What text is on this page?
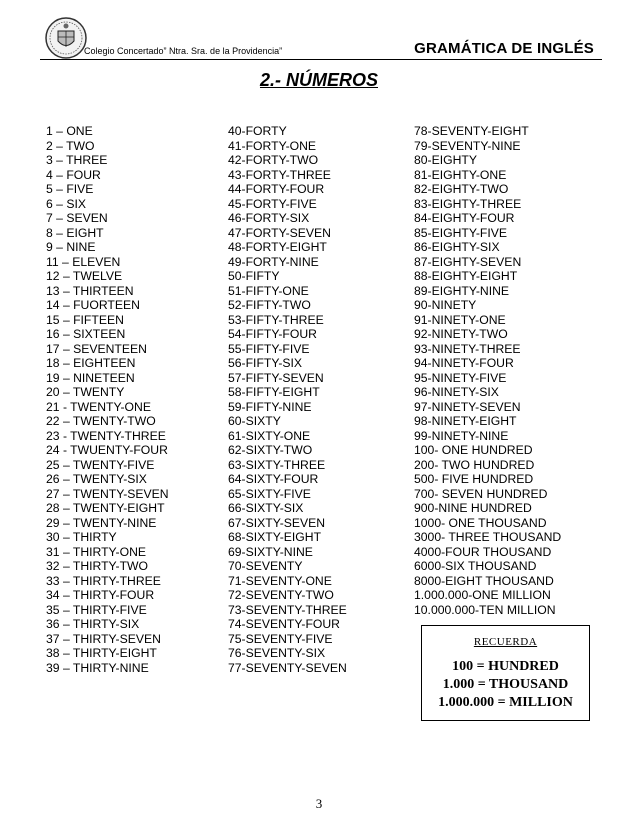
Colegio Concertado” Ntra. Sra. de la Providencia”	GRAMÁTICA DE INGLÉS
2.- NÚMEROS
1 – ONE
2 – TWO
3 – THREE
4 – FOUR
5 – FIVE
6 – SIX
7 – SEVEN
8 – EIGHT
9 – NINE
11 – ELEVEN
12 – TWELVE
13 – THIRTEEN
14 – FUORTEEN
15 – FIFTEEN
16 – SIXTEEN
17 – SEVENTEEN
18 – EIGHTEEN
19 – NINETEEN
20 – TWENTY
21 - TWENTY-ONE
22 – TWENTY-TWO
23 - TWENTY-THREE
24 - TWUENTY-FOUR
25 – TWENTY-FIVE
26 – TWENTY-SIX
27 – TWENTY-SEVEN
28 – TWENTY-EIGHT
29 – TWENTY-NINE
30 – THIRTY
31 – THIRTY-ONE
32 – THIRTY-TWO
33 – THIRTY-THREE
34 – THIRTY-FOUR
35 – THIRTY-FIVE
36 – THIRTY-SIX
37 – THIRTY-SEVEN
38 – THIRTY-EIGHT
39 – THIRTY-NINE
40-FORTY
41-FORTY-ONE
42-FORTY-TWO
43-FORTY-THREE
44-FORTY-FOUR
45-FORTY-FIVE
46-FORTY-SIX
47-FORTY-SEVEN
48-FORTY-EIGHT
49-FORTY-NINE
50-FIFTY
51-FIFTY-ONE
52-FIFTY-TWO
53-FIFTY-THREE
54-FIFTY-FOUR
55-FIFTY-FIVE
56-FIFTY-SIX
57-FIFTY-SEVEN
58-FIFTY-EIGHT
59-FIFTY-NINE
60-SIXTY
61-SIXTY-ONE
62-SIXTY-TWO
63-SIXTY-THREE
64-SIXTY-FOUR
65-SIXTY-FIVE
66-SIXTY-SIX
67-SIXTY-SEVEN
68-SIXTY-EIGHT
69-SIXTY-NINE
70-SEVENTY
71-SEVENTY-ONE
72-SEVENTY-TWO
73-SEVENTY-THREE
74-SEVENTY-FOUR
75-SEVENTY-FIVE
76-SEVENTY-SIX
77-SEVENTY-SEVEN
78-SEVENTY-EIGHT
79-SEVENTY-NINE
80-EIGHTY
81-EIGHTY-ONE
82-EIGHTY-TWO
83-EIGHTY-THREE
84-EIGHTY-FOUR
85-EIGHTY-FIVE
86-EIGHTY-SIX
87-EIGHTY-SEVEN
88-EIGHTY-EIGHT
89-EIGHTY-NINE
90-NINETY
91-NINETY-ONE
92-NINETY-TWO
93-NINETY-THREE
94-NINETY-FOUR
95-NINETY-FIVE
96-NINETY-SIX
97-NINETY-SEVEN
98-NINETY-EIGHT
99-NINETY-NINE
100- ONE HUNDRED
200- TWO HUNDRED
500- FIVE HUNDRED
700- SEVEN HUNDRED
900-NINE HUNDRED
1000- ONE THOUSAND
3000- THREE THOUSAND
4000-FOUR THOUSAND
6000-SIX THOUSAND
8000-EIGHT THOUSAND
1.000.000-ONE MILLION
10.000.000-TEN MILLION
RECUERDA
100 = HUNDRED
1.000 = THOUSAND
1.000.000 = MILLION
3
